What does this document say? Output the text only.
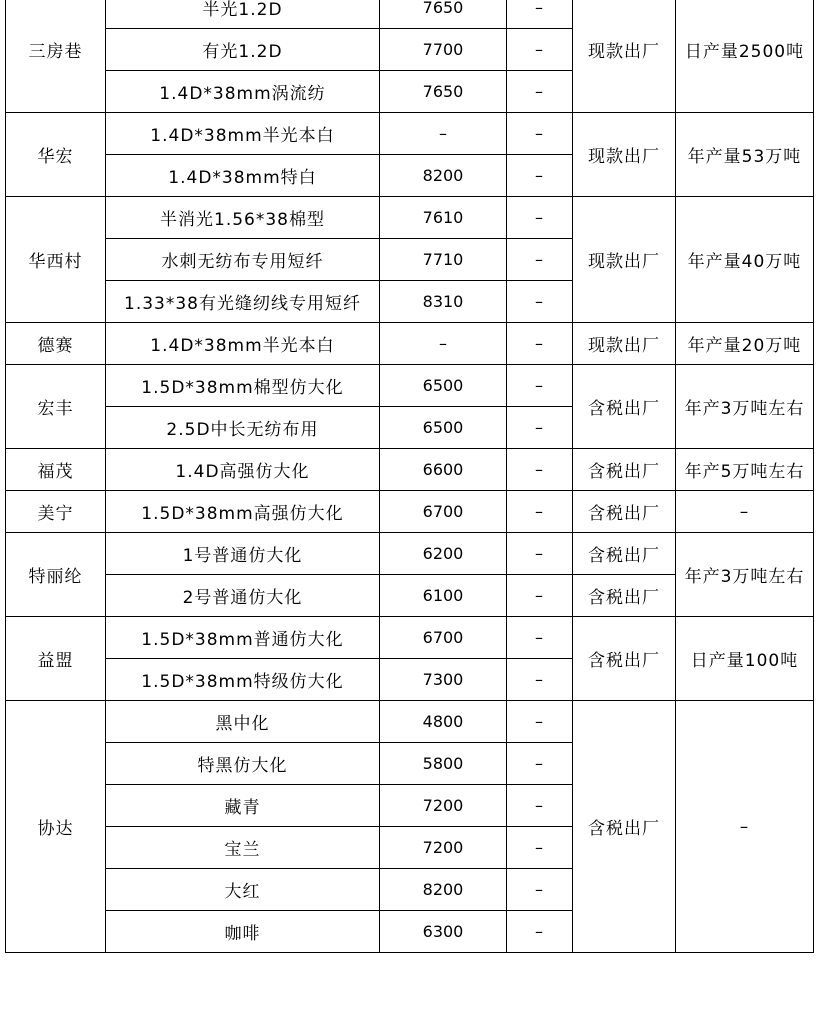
三房巷	半光1.2D	7650	–	现款出厂	日产量2500吨
	有光1.2D	7700	–		
	1.4D*38mm涡流纺	7650	–		
华宏	1.4D*38mm半光本白	–	–	现款出厂	年产量53万吨
	1.4D*38mm特白	8200	–		
华西村	半消光1.56*38棉型	7610	–	现款出厂	年产量40万吨
	水刺无纺布专用短纤	7710	–		
	1.33*38有光缝纫线专用短纤	8310	–		
德赛	1.4D*38mm半光本白	–	–	现款出厂	年产量20万吨
宏丰	1.5D*38mm棉型仿大化	6500	–	含税出厂	年产3万吨左右
	2.5D中长无纺布用	6500	–		
福茂	1.4D高强仿大化	6600	–	含税出厂	年产5万吨左右
美宁	1.5D*38mm高强仿大化	6700	–	含税出厂	–
特丽纶	1号普通仿大化	6200	–	含税出厂	年产3万吨左右
	2号普通仿大化	6100	–	含税出厂	
益盟	1.5D*38mm普通仿大化	6700	–	含税出厂	日产量100吨
	1.5D*38mm特级仿大化	7300	–		
协达	黑中化	4800	–	含税出厂	–
	特黑仿大化	5800	–		
	藏青	7200	–		
	宝兰	7200	–		
	大红	8200	–		
	咖啡	6300	–		
